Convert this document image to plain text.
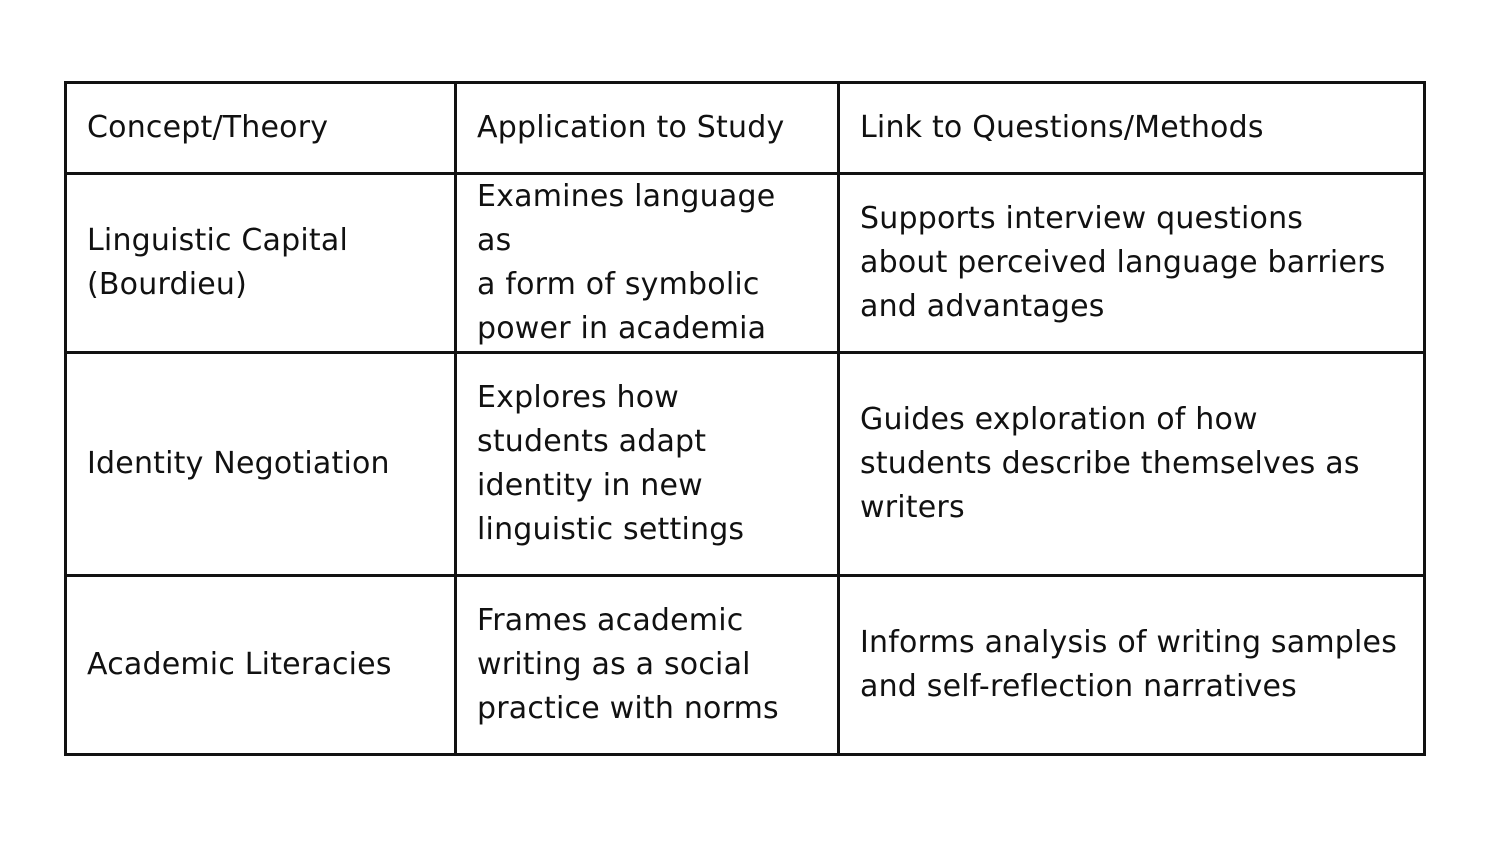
Concept/Theory	Application to Study	Link to Questions/Methods

Linguistic Capital
(Bourdieu)	Examines language as
a form of symbolic
power in academia	Supports interview questions
about perceived language barriers
and advantages

Identity Negotiation	Explores how
students adapt
identity in new
linguistic settings	Guides exploration of how
students describe themselves as
writers

Academic Literacies	Frames academic
writing as a social
practice with norms	Informs analysis of writing samples
and self-reflection narratives
